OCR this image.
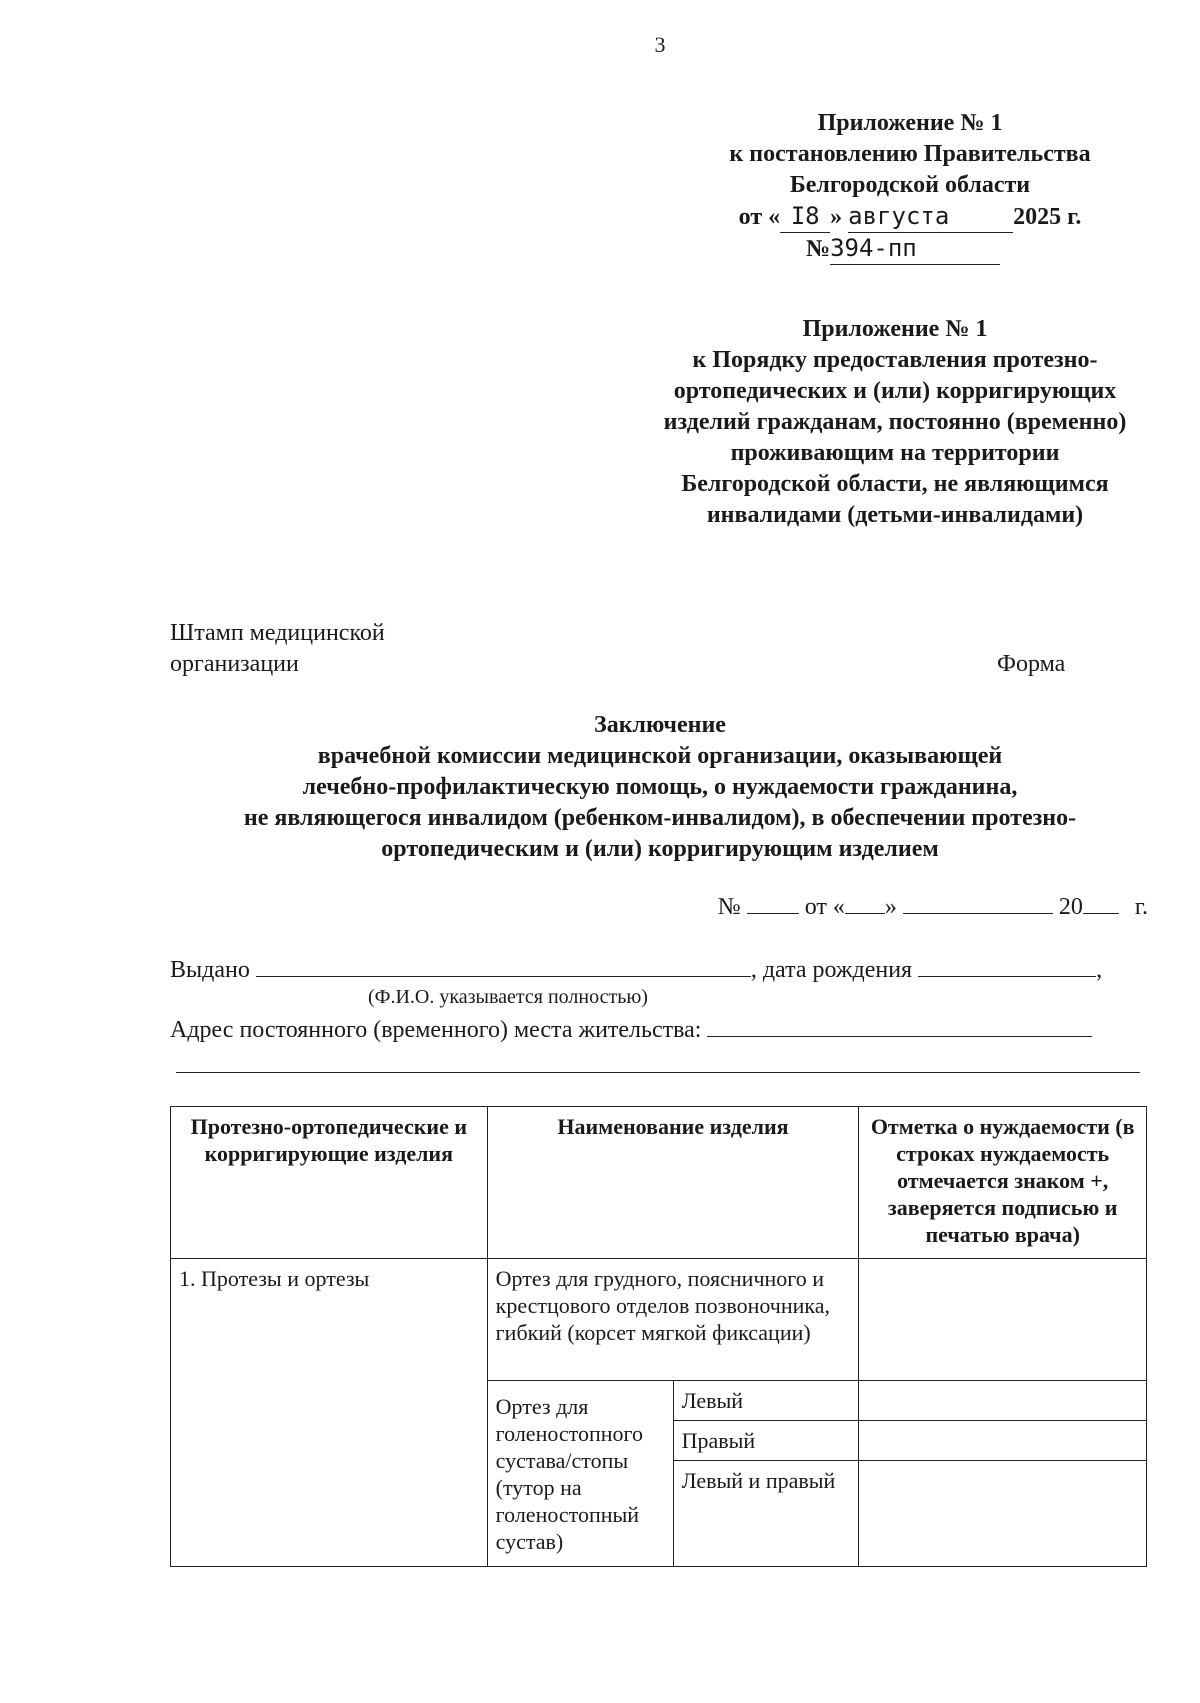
3
Приложение № 1
к постановлению Правительства
Белгородской области
от « I8 » августа	2025 г.
№394-пп
Приложение № 1
к Порядку предоставления протезно-
ортопедических и (или) корригирующих
изделий гражданам, постоянно (временно)
проживающим на территории
Белгородской области, не являющимся
инвалидами (детьми-инвалидами)
Штамп медицинской
организации	Форма
Заключение
врачебной комиссии медицинской организации, оказывающей
лечебно-профилактическую помощь, о нуждаемости гражданина,
не являющегося инвалидом (ребенком-инвалидом), в обеспечении протезно-
ортопедическим и (или) корригирующим изделием
№	от « »	20 г.
Выдано	, дата рождения	,
(Ф.И.О. указывается полностью)
Адрес постоянного (временного) места жительства:
Протезно-ортопедические и корригирующие изделия	Наименование изделия		Отметка о нуждаемости (в строках нуждаемость отмечается знаком +, заверяется подписью и печатью врача)
1. Протезы и ортезы	Ортез для грудного, поясничного и крестцового отделов позвоночника, гибкий (корсет мягкой фиксации)		
	Ортез для голеностопного сустава/стопы (тутор на голеностопный сустав)	Левый	
		Правый	
		Левый и правый	
